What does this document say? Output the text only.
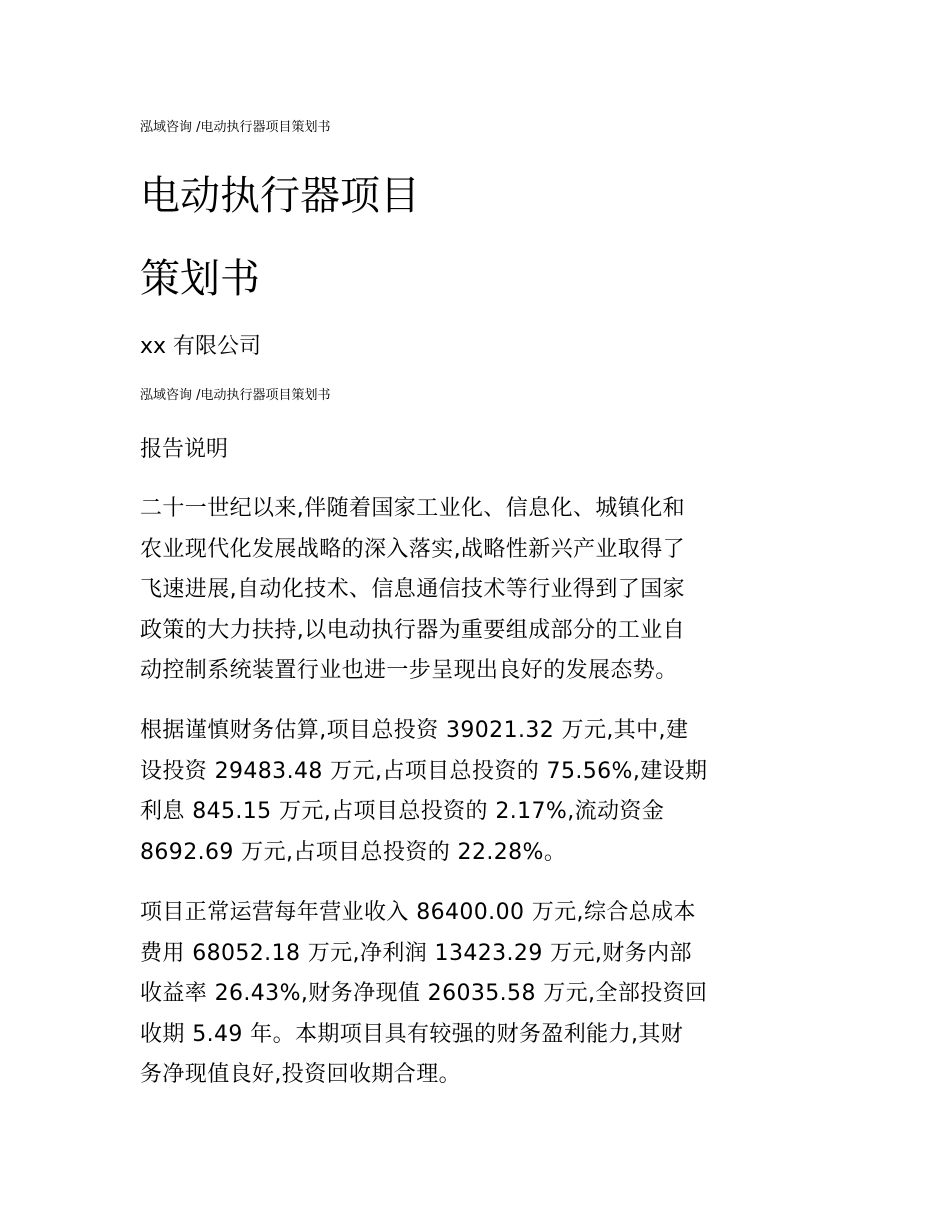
泓域咨询 /电动执行器项目策划书
电动执行器项目
策划书
xx 有限公司
泓域咨询 /电动执行器项目策划书
报告说明

二十一世纪以来,伴随着国家工业化、信息化、城镇化和
农业现代化发展战略的深入落实,战略性新兴产业取得了
飞速进展,自动化技术、信息通信技术等行业得到了国家
政策的大力扶持,以电动执行器为重要组成部分的工业自
动控制系统装置行业也进一步呈现出良好的发展态势。

根据谨慎财务估算,项目总投资 39021.32 万元,其中,建
设投资 29483.48 万元,占项目总投资的 75.56%,建设期
利息 845.15 万元,占项目总投资的 2.17%,流动资金
8692.69 万元,占项目总投资的 22.28%。

项目正常运营每年营业收入 86400.00 万元,综合总成本
费用 68052.18 万元,净利润 13423.29 万元,财务内部
收益率 26.43%,财务净现值 26035.58 万元,全部投资回
收期 5.49 年。本期项目具有较强的财务盈利能力,其财
务净现值良好,投资回收期合理。
